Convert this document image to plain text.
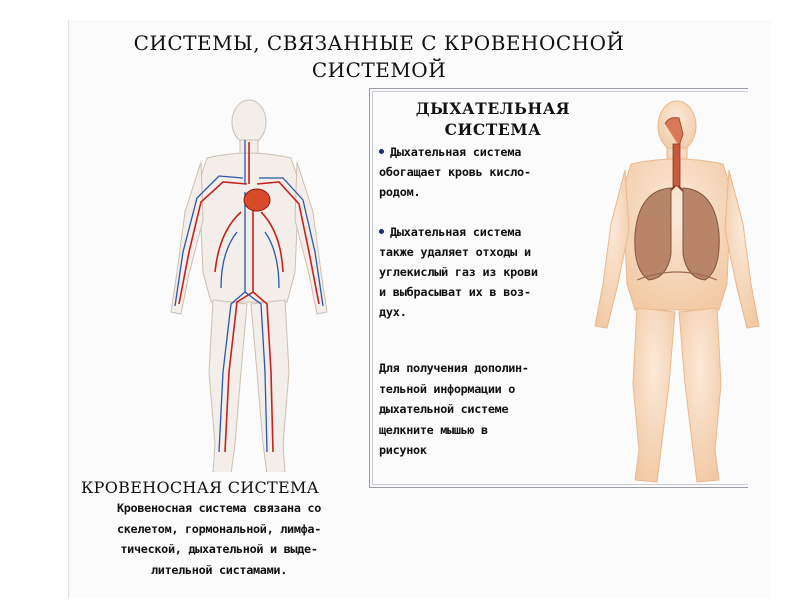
СИСТЕМЫ, СВЯЗАННЫЕ С КРОВЕНОСНОЙ
СИСТЕМОЙ
ДЫХАТЕЛЬНАЯ
СИСТЕМА
Дыхательная система
обогащает кровь кисло-
родом.
Дыхательная система
также удаляет отходы и
углекислый газ из крови
и выбрасыват их в воз-
дух.
Для получения дополин-
тельной информации о
дыхательной системе
щелкните мышью в
рисунок
КРОВЕНОСНАЯ СИСТЕМА
Кровеносная система связана со
скелетом, гормональной, лимфа-
тической, дыхательной и выде-
лительной систамами.
